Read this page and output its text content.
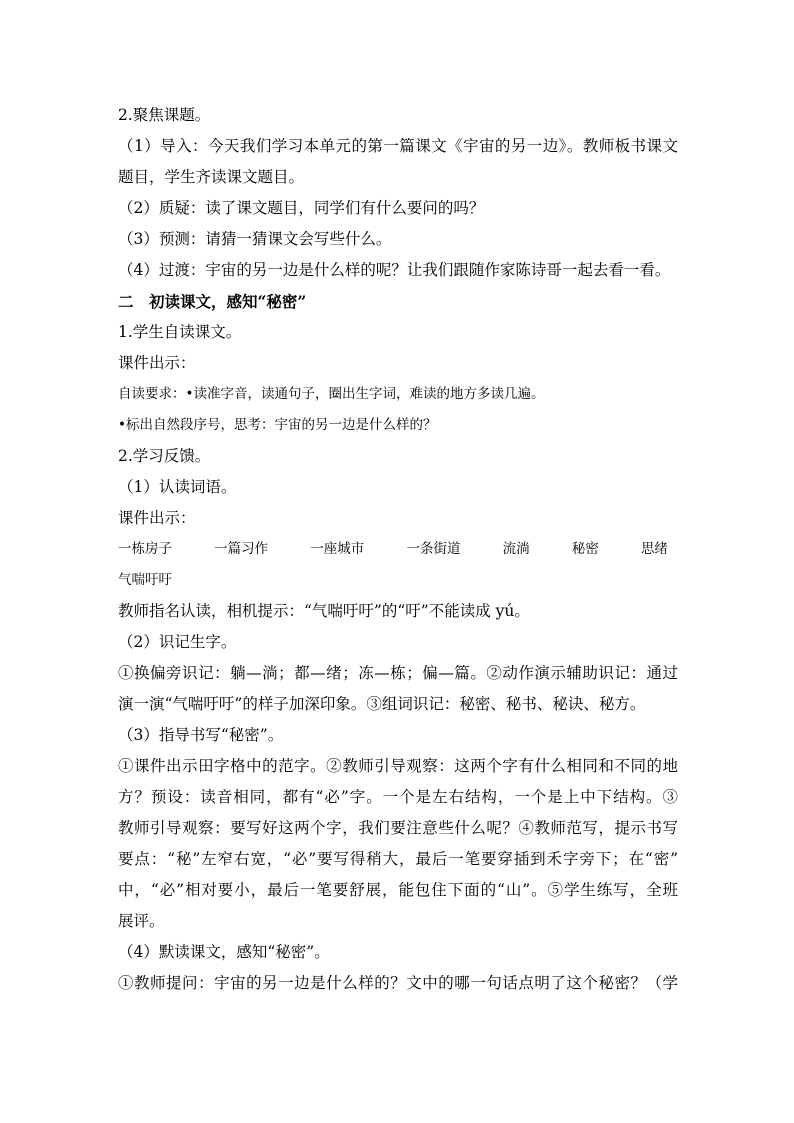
2.聚焦课题。
（1）导入：今天我们学习本单元的第一篇课文《宇宙的另一边》。教师板书课文
题目，学生齐读课文题目。
（2）质疑：读了课文题目，同学们有什么要问的吗？
（3）预测：请猜一猜课文会写些什么。
（4）过渡：宇宙的另一边是什么样的呢？让我们跟随作家陈诗哥一起去看一看。
二　初读课文，感知“秘密”
1.学生自读课文。
课件出示：
自读要求：•读准字音，读通句子，圈出生字词，难读的地方多读几遍。
•标出自然段序号，思考：宇宙的另一边是什么样的？
2.学习反馈。
（1）认读词语。
课件出示：
一栋房子	一篇习作	一座城市	一条街道	流淌	秘密	思绪
气喘吁吁
教师指名认读，相机提示：“气喘吁吁”的“吁”不能读成 yú。
（2）识记生字。
①换偏旁识记：躺—淌；都—绪；冻—栋；偏—篇。②动作演示辅助识记：通过
演一演“气喘吁吁”的样子加深印象。③组词识记：秘密、秘书、秘诀、秘方。
（3）指导书写“秘密”。
①课件出示田字格中的范字。②教师引导观察：这两个字有什么相同和不同的地
方？预设：读音相同，都有“必”字。一个是左右结构，一个是上中下结构。③
教师引导观察：要写好这两个字，我们要注意些什么呢？④教师范写，提示书写
要点：“秘”左窄右宽，“必”要写得稍大，最后一笔要穿插到禾字旁下；在“密”
中，“必”相对要小，最后一笔要舒展，能包住下面的“山”。⑤学生练写，全班
展评。
（4）默读课文，感知“秘密”。
①教师提问：宇宙的另一边是什么样的？文中的哪一句话点明了这个秘密？（学
